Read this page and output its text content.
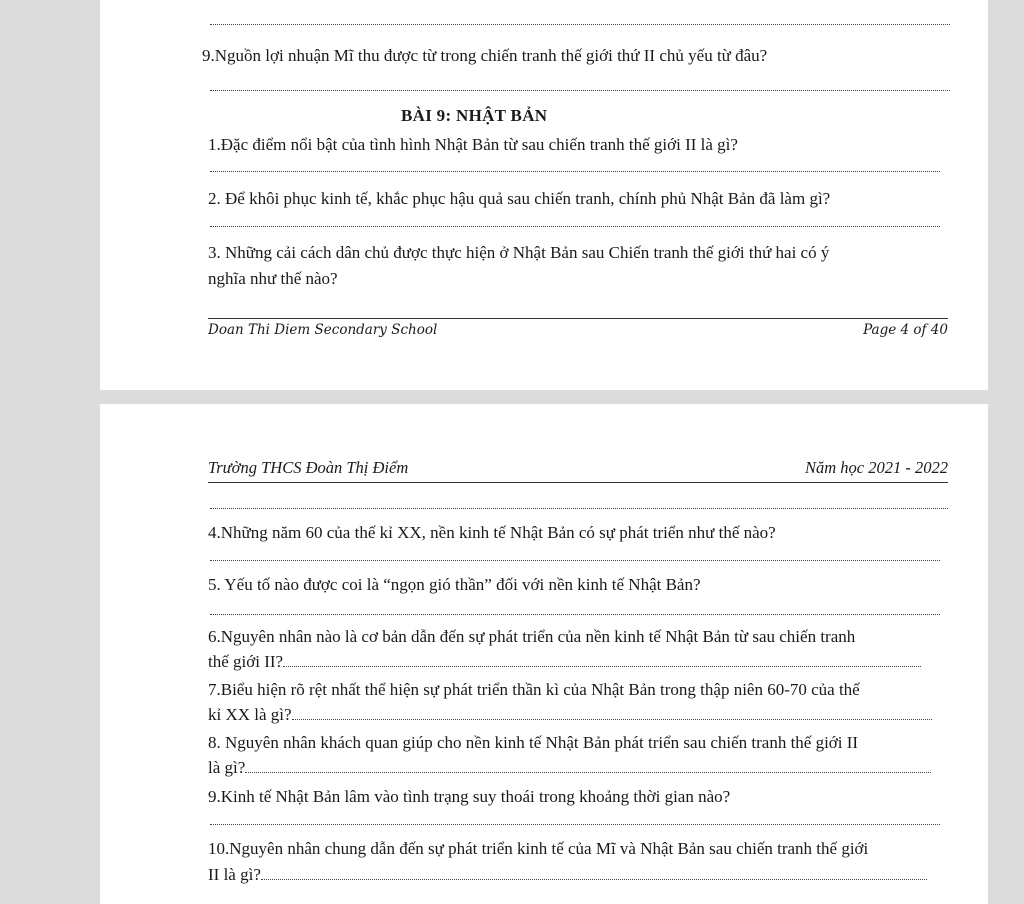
9.Nguồn lợi nhuận Mĩ thu được từ trong chiến tranh thế giới thứ II chủ yếu từ đâu?
BÀI 9: NHẬT BẢN
1.Đặc điểm nổi bật của tình hình Nhật Bản từ sau chiến tranh thế giới II là gì?
2. Để khôi phục kinh tế, khắc phục hậu quả sau chiến tranh, chính phủ Nhật Bản đã làm gì?
3. Những cải cách dân chủ được thực hiện ở Nhật Bản sau Chiến tranh thế giới thứ hai có ý
nghĩa như thế nào?
Doan Thi Diem Secondary School	Page 4 of 40
Trường THCS Đoàn Thị Điểm	Năm học 2021 - 2022
4.Những năm 60 của thế kỉ XX, nền kinh tế Nhật Bản có sự phát triển như thế nào?
5. Yếu tố nào được coi là “ngọn gió thần” đối với nền kinh tế Nhật Bản?
6.Nguyên nhân nào là cơ bản dẫn đến sự phát triển của nền kinh tế Nhật Bản từ sau chiến tranh
thế giới II?
7.Biểu hiện rõ rệt nhất thể hiện sự phát triển thần kì của Nhật Bản trong thập niên 60-70 của thế
kỉ XX là gì?
8. Nguyên nhân khách quan giúp cho nền kinh tế Nhật Bản phát triển sau chiến tranh thế giới II
là gì?
9.Kinh tế Nhật Bản lâm vào tình trạng suy thoái trong khoảng thời gian nào?
10.Nguyên nhân chung dẫn đến sự phát triển kinh tế của Mĩ và Nhật Bản sau chiến tranh thế giới
II là gì?
